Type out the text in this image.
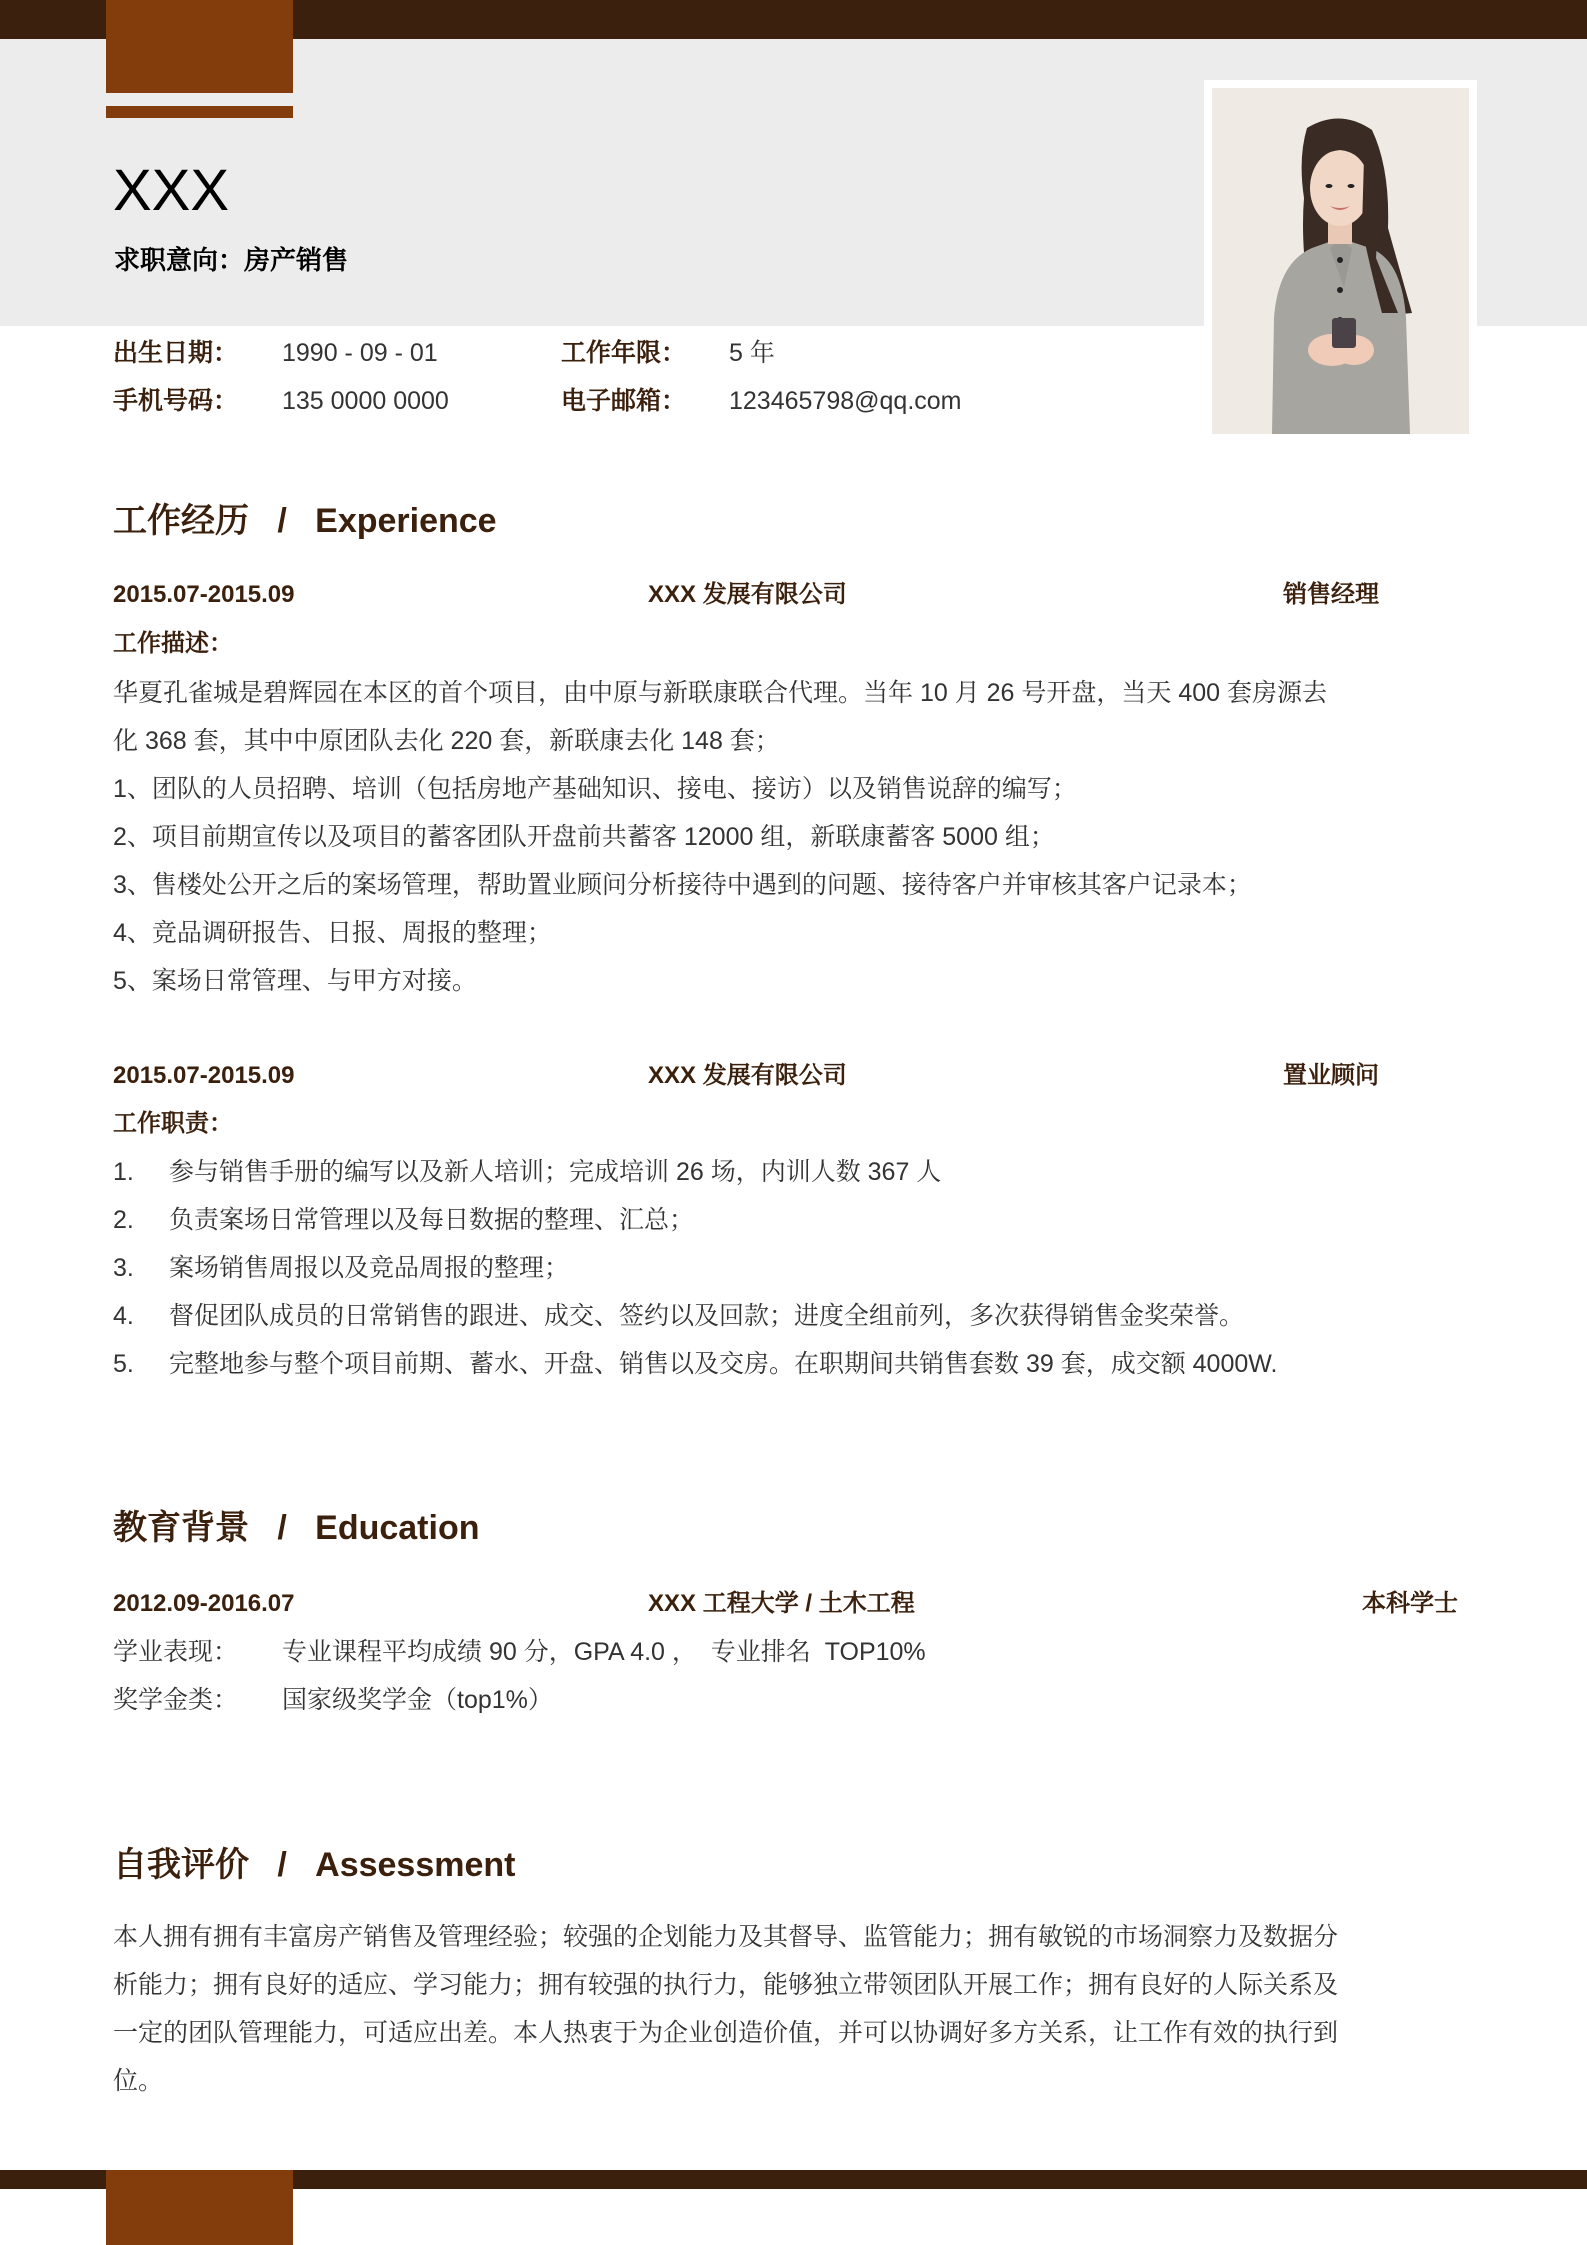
XXX
求职意向：房产销售
出生日期： 1990 - 09 - 01	工作年限： 5 年
手机号码： 135 0000 0000	电子邮箱： 123465798@qq.com
工作经历 / Experience
2015.07-2015.09	XXX 发展有限公司	销售经理
工作描述：
华夏孔雀城是碧辉园在本区的首个项目，由中原与新联康联合代理。当年 10 月 26 号开盘，当天 400 套房源去
化 368 套，其中中原团队去化 220 套，新联康去化 148 套；
1、团队的人员招聘、培训（包括房地产基础知识、接电、接访）以及销售说辞的编写；
2、项目前期宣传以及项目的蓄客团队开盘前共蓄客 12000 组，新联康蓄客 5000 组；
3、售楼处公开之后的案场管理，帮助置业顾问分析接待中遇到的问题、接待客户并审核其客户记录本；
4、竞品调研报告、日报、周报的整理；
5、案场日常管理、与甲方对接。
2015.07-2015.09	XXX 发展有限公司	置业顾问
工作职责：
1. 参与销售手册的编写以及新人培训；完成培训 26 场，内训人数 367 人
2. 负责案场日常管理以及每日数据的整理、汇总；
3. 案场销售周报以及竞品周报的整理；
4. 督促团队成员的日常销售的跟进、成交、签约以及回款；进度全组前列，多次获得销售金奖荣誉。
5. 完整地参与整个项目前期、蓄水、开盘、销售以及交房。在职期间共销售套数 39 套，成交额 4000W.
教育背景 / Education
2012.09-2016.07	XXX 工程大学 / 土木工程	本科学士
学业表现： 专业课程平均成绩 90 分，GPA 4.0 ，  专业排名  TOP10%
奖学金类： 国家级奖学金（top1%）
自我评价 / Assessment
本人拥有拥有丰富房产销售及管理经验；较强的企划能力及其督导、监管能力；拥有敏锐的市场洞察力及数据分
析能力；拥有良好的适应、学习能力；拥有较强的执行力，能够独立带领团队开展工作；拥有良好的人际关系及
一定的团队管理能力，可适应出差。本人热衷于为企业创造价值，并可以协调好多方关系，让工作有效的执行到
位。
